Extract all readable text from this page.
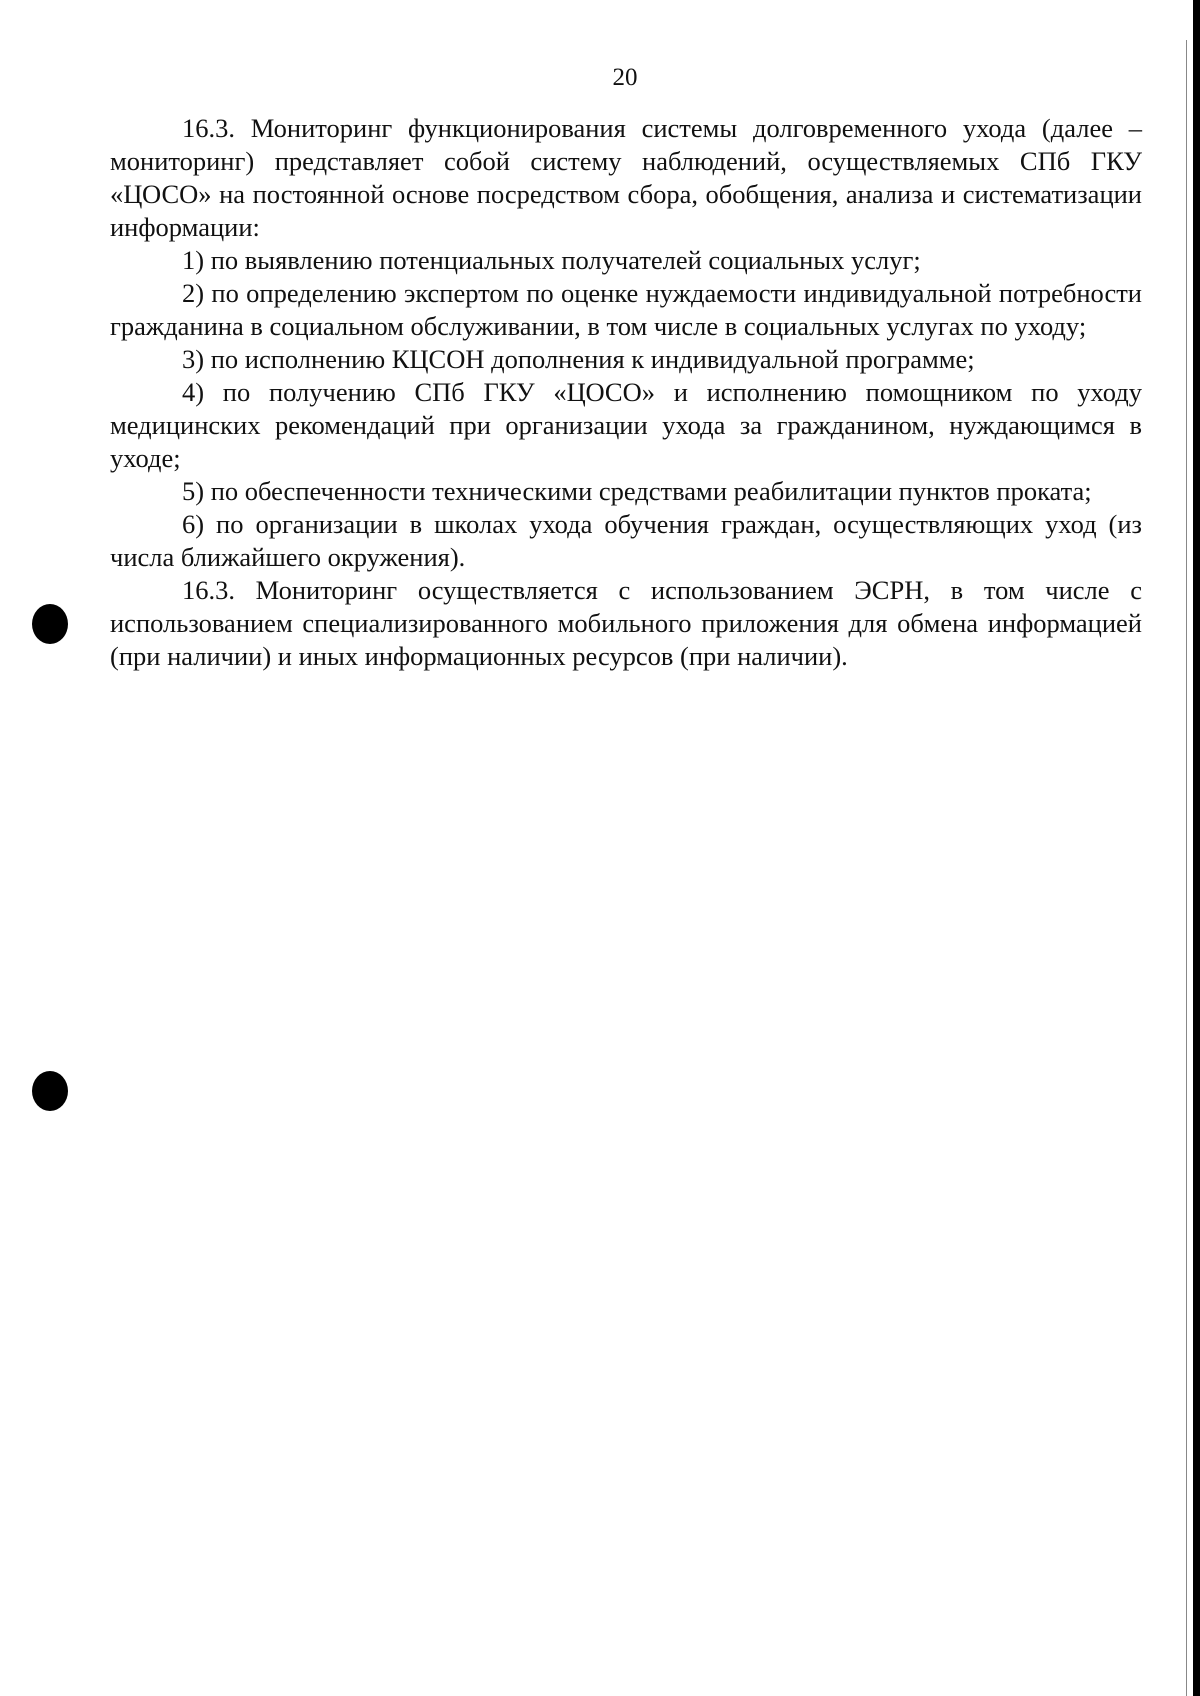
20

16.3. Мониторинг функционирования системы долговременного ухода (далее – мониторинг) представляет собой систему наблюдений, осуществляемых СПб ГКУ «ЦОСО» на постоянной основе посредством сбора, обобщения, анализа и систематизации информации:

1) по выявлению потенциальных получателей социальных услуг;

2) по определению экспертом по оценке нуждаемости индивидуальной потребности гражданина в социальном обслуживании, в том числе в социальных услугах по уходу;

3) по исполнению КЦСОН дополнения к индивидуальной программе;

4) по получению СПб ГКУ «ЦОСО» и исполнению помощником по уходу медицинских рекомендаций при организации ухода за гражданином, нуждающимся в уходе;

5) по обеспеченности техническими средствами реабилитации пунктов проката;

6) по организации в школах ухода обучения граждан, осуществляющих уход (из числа ближайшего окружения).

16.3. Мониторинг осуществляется с использованием ЭСРН, в том числе с использованием специализированного мобильного приложения для обмена информацией (при наличии) и иных информационных ресурсов (при наличии).
